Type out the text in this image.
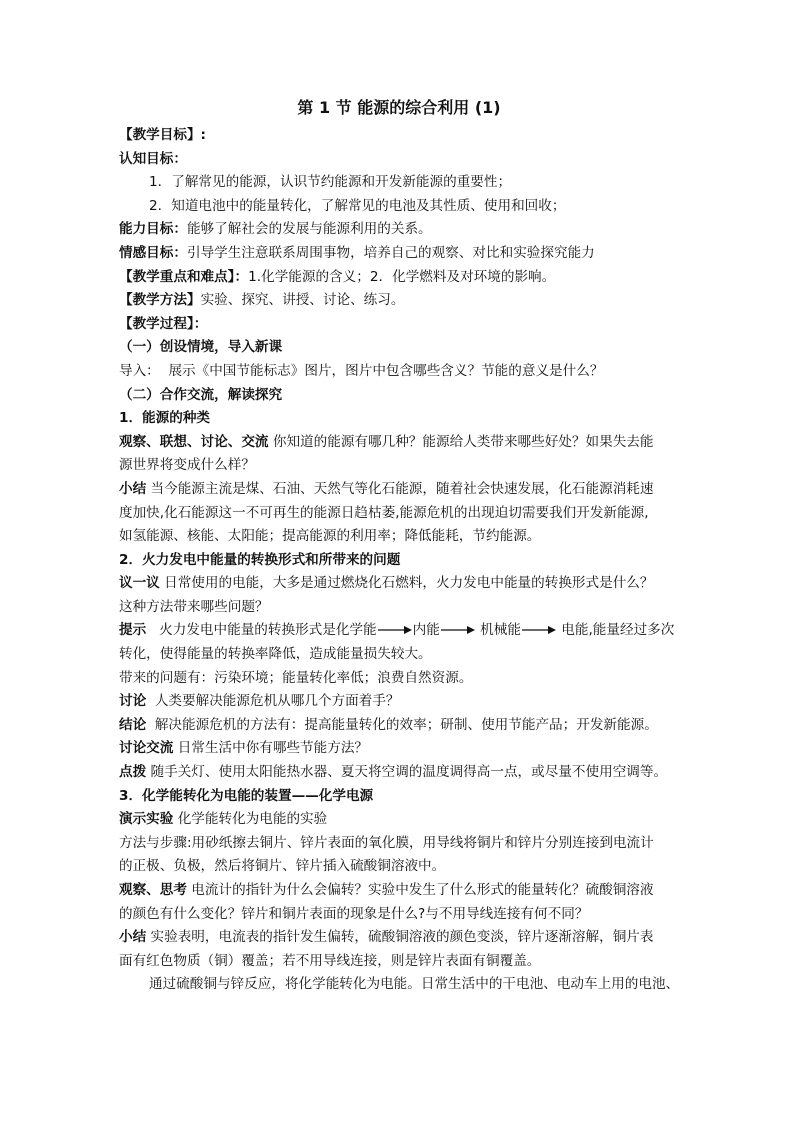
第 1 节 能源的综合利用 (1)
【教学目标】:
认知目标：
1．了解常见的能源，认识节约能源和开发新能源的重要性；
2．知道电池中的能量转化，了解常见的电池及其性质、使用和回收；
能力目标：能够了解社会的发展与能源利用的关系。
情感目标：引导学生注意联系周围事物，培养自己的观察、对比和实验探究能力
【教学重点和难点】：1.化学能源的含义；2．化学燃料及对环境的影响。
【教学方法】实验、探究、讲授、讨论、练习。
【教学过程】：
（一）创设情境，导入新课
导入： 展示《中国节能标志》图片，图片中包含哪些含义？节能的意义是什么？
（二）合作交流，解读探究
1．能源的种类
观察、联想、讨论、交流 你知道的能源有哪几种？能源给人类带来哪些好处？如果失去能
源世界将变成什么样？
小结 当今能源主流是煤、石油、天然气等化石能源，随着社会快速发展，化石能源消耗速
度加快,化石能源这一不可再生的能源日趋枯萎,能源危机的出现迫切需要我们开发新能源,
如氢能源、核能、太阳能；提高能源的利用率；降低能耗，节约能源。
2．火力发电中能量的转换形式和所带来的问题
议一议 日常使用的电能，大多是通过燃烧化石燃料，火力发电中能量的转换形式是什么？
这种方法带来哪些问题？
提示 火力发电中能量的转换形式是化学能	内能	机械能	电能,能量经过多次
转化，使得能量的转换率降低，造成能量损失较大。
带来的问题有：污染环境；能量转化率低；浪费自然资源。
讨论 人类要解决能源危机从哪几个方面着手？
结论 解决能源危机的方法有：提高能量转化的效率；研制、使用节能产品；开发新能源。
讨论交流 日常生活中你有哪些节能方法？
点拨 随手关灯、使用太阳能热水器、夏天将空调的温度调得高一点，或尽量不使用空调等。
3．化学能转化为电能的装置——化学电源
演示实验 化学能转化为电能的实验
方法与步骤:用砂纸擦去铜片、锌片表面的氧化膜，用导线将铜片和锌片分别连接到电流计
的正极、负极，然后将铜片、锌片插入硫酸铜溶液中。
观察、思考 电流计的指针为什么会偏转？实验中发生了什么形式的能量转化？硫酸铜溶液
的颜色有什么变化？锌片和铜片表面的现象是什么?与不用导线连接有何不同？
小结 实验表明，电流表的指针发生偏转，硫酸铜溶液的颜色变淡，锌片逐渐溶解，铜片表
面有红色物质（铜）覆盖；若不用导线连接，则是锌片表面有铜覆盖。
通过硫酸铜与锌反应，将化学能转化为电能。日常生活中的干电池、电动车上用的电池、
